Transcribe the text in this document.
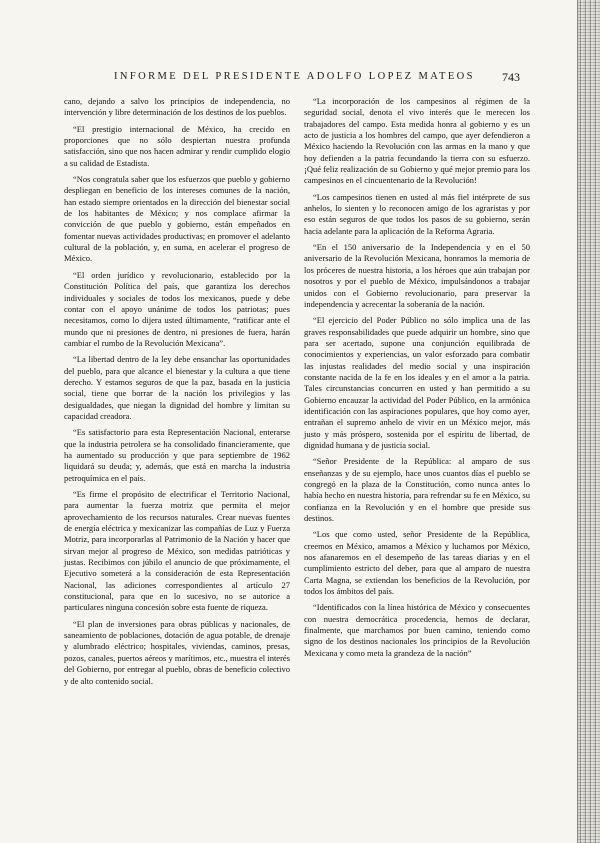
INFORME DEL PRESIDENTE ADOLFO LOPEZ MATEOS	743

cano, dejando a salvo los principios de independencia, no intervención y libre determinación de los destinos de los pueblos.

“El prestigio internacional de México, ha crecido en proporciones que no sólo despiertan nuestra profunda satisfacción, sino que nos hacen admirar y rendir cumplido elogio a su calidad de Estadista.

“Nos congratula saber que los esfuerzos que pueblo y gobierno despliegan en beneficio de los intereses comunes de la nación, han estado siempre orientados en la dirección del bienestar social de los habitantes de México; y nos complace afirmar la convicción de que pueblo y gobierno, están empeñados en fomentar nuevas actividades productivas; en promover el adelanto cultural de la población, y, en suma, en acelerar el progreso de México.

“El orden jurídico y revolucionario, establecido por la Constitución Política del país, que garantiza los derechos individuales y sociales de todos los mexicanos, puede y debe contar con el apoyo unánime de todos los patriotas; pues necesitamos, como lo dijera usted últimamente, “ratificar ante el mundo que ni presiones de dentro, ni presiones de fuera, harán cambiar el rumbo de la Revolución Mexicana”.

“La libertad dentro de la ley debe ensanchar las oportunidades del pueblo, para que alcance el bienestar y la cultura a que tiene derecho. Y estamos seguros de que la paz, basada en la justicia social, tiene que borrar de la nación los privilegios y las desigualdades, que niegan la dignidad del hombre y limitan su capacidad creadora.

“Es satisfactorio para esta Representación Nacional, enterarse que la industria petrolera se ha consolidado financieramente, que ha aumentado su producción y que para septiembre de 1962 liquidará su deuda; y, además, que está en marcha la industria petroquímica en el país.

“Es firme el propósito de electrificar el Territorio Nacional, para aumentar la fuerza motriz que permita el mejor aprovechamiento de los recursos naturales. Crear nuevas fuentes de energía eléctrica y mexicanizar las compañías de Luz y Fuerza Motriz, para incorporarlas al Patrimonio de la Nación y hacer que sirvan mejor al progreso de México, son medidas patrióticas y justas. Recibimos con júbilo el anuncio de que próximamente, el Ejecutivo someterá a la consideración de esta Representación Nacional, las adiciones correspondientes al artículo 27 constitucional, para que en lo sucesivo, no se autorice a particulares ninguna concesión sobre esta fuente de riqueza.

“El plan de inversiones para obras públicas y nacionales, de saneamiento de poblaciones, dotación de agua potable, de drenaje y alumbrado eléctrico; hospitales, viviendas, caminos, presas, pozos, canales, puertos aéreos y marítimos, etc., muestra el interés del Gobierno, por entregar al pueblo, obras de beneficio colectivo y de alto contenido social.

“La incorporación de los campesinos al régimen de la seguridad social, denota el vivo interés que le merecen los trabajadores del campo. Esta medida honra al gobierno y es un acto de justicia a los hombres del campo, que ayer defendieron a México haciendo la Revolución con las armas en la mano y que hoy defienden a la patria fecundando la tierra con su esfuerzo. ¡Qué feliz realización de su Gobierno y qué mejor premio para los campesinos en el cincuentenario de la Revolución!

“Los campesinos tienen en usted al más fiel intérprete de sus anhelos, lo sienten y lo reconocen amigo de los agraristas y por eso están seguros de que todos los pasos de su gobierno, serán hacia adelante para la aplicación de la Reforma Agraria.

“En el 150 aniversario de la Independencia y en el 50 aniversario de la Revolución Mexicana, honramos la memoria de los próceres de nuestra historia, a los héroes que aún trabajan por nosotros y por el pueblo de México, impulsándonos a trabajar unidos con el Gobierno revolucionario, para preservar la independencia y acrecentar la soberanía de la nación.

“El ejercicio del Poder Público no sólo implica una de las graves responsabilidades que puede adquirir un hombre, sino que para ser acertado, supone una conjunción equilibrada de conocimientos y experiencias, un valor esforzado para combatir las injustas realidades del medio social y una inspiración constante nacida de la fe en los ideales y en el amor a la patria. Tales circunstancias concurren en usted y han permitido a su Gobierno encauzar la actividad del Poder Público, en la armónica identificación con las aspiraciones populares, que hoy como ayer, entrañan el supremo anhelo de vivir en un México mejor, más justo y más próspero, sostenida por el espíritu de libertad, de dignidad humana y de justicia social.

“Señor Presidente de la República: al amparo de sus enseñanzas y de su ejemplo, hace unos cuantos días el pueblo se congregó en la plaza de la Constitución, como nunca antes lo había hecho en nuestra historia, para refrendar su fe en México, su confianza en la Revolución y en el hombre que preside sus destinos.

“Los que como usted, señor Presidente de la República, creemos en México, amamos a México y luchamos por México, nos afanaremos en el desempeño de las tareas diarias y en el cumplimiento estricto del deber, para que al amparo de nuestra Carta Magna, se extiendan los beneficios de la Revolución, por todos los ámbitos del país.

“Identificados con la línea histórica de México y consecuentes con nuestra democrática procedencia, hemos de declarar, finalmente, que marchamos por buen camino, teniendo como signo de los destinos nacionales los principios de la Revolución Mexicana y como meta la grandeza de la nación”
